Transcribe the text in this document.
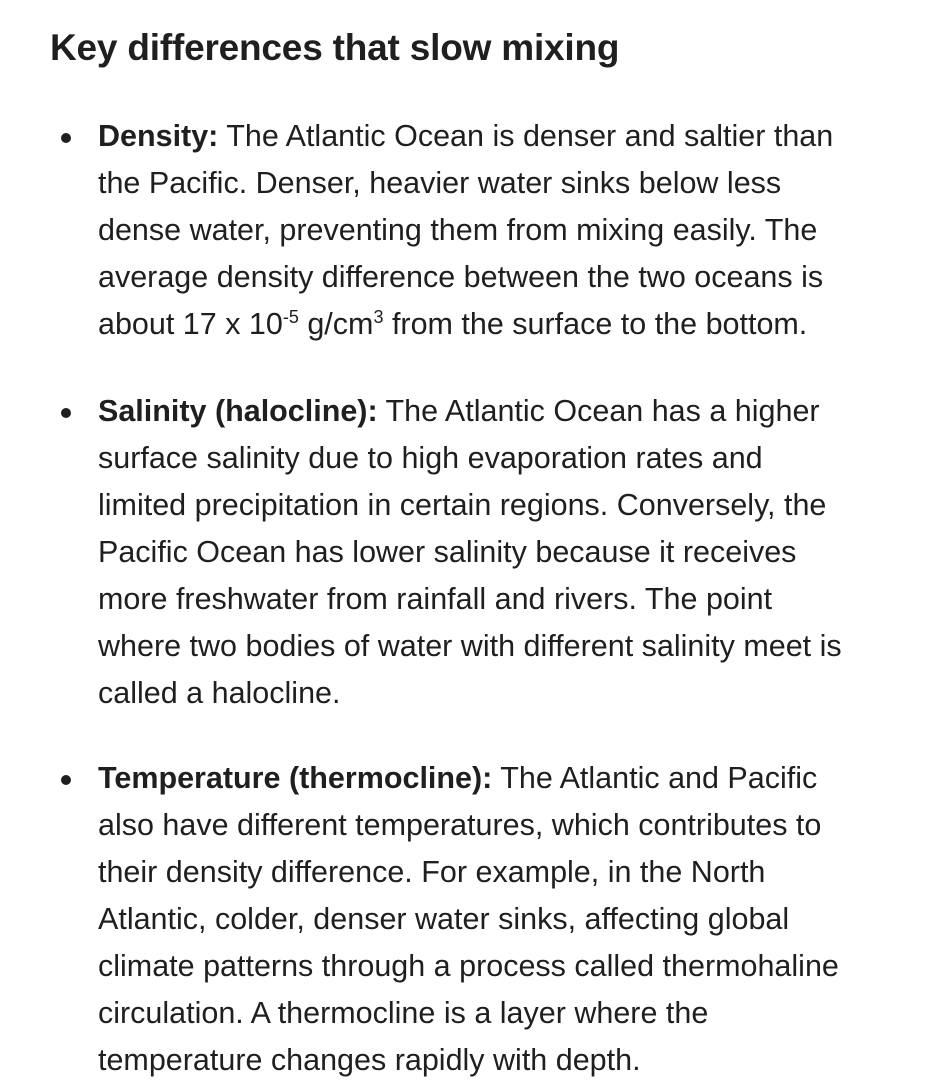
Key differences that slow mixing

Density: The Atlantic Ocean is denser and saltier than
the Pacific. Denser, heavier water sinks below less
dense water, preventing them from mixing easily. The
average density difference between the two oceans is
about 17 x $10^{-5}$ $g/cm^3$ from the surface to the bottom.

Salinity (halocline): The Atlantic Ocean has a higher
surface salinity due to high evaporation rates and
limited precipitation in certain regions. Conversely, the
Pacific Ocean has lower salinity because it receives
more freshwater from rainfall and rivers. The point
where two bodies of water with different salinity meet is
called a halocline.

Temperature (thermocline): The Atlantic and Pacific
also have different temperatures, which contributes to
their density difference. For example, in the North
Atlantic, colder, denser water sinks, affecting global
climate patterns through a process called thermohaline
circulation. A thermocline is a layer where the
temperature changes rapidly with depth.
